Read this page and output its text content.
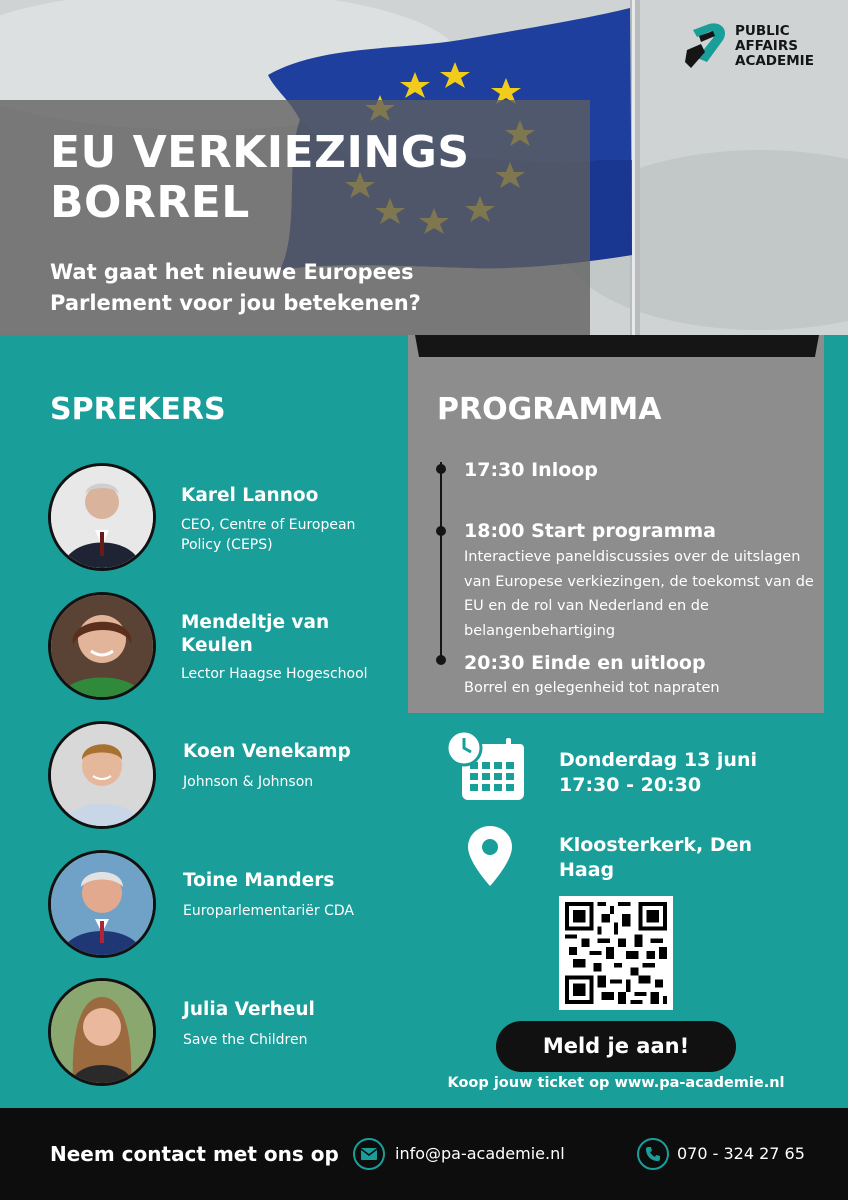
EU VERKIEZINGS
BORREL
Wat gaat het nieuwe Europees Parlement voor jou betekenen?
PUBLIC
AFFAIRS
ACADEMIE
SPREKERS
Karel Lannoo
CEO, Centre of European Policy (CEPS)
Mendeltje van Keulen
Lector Haagse Hogeschool
Koen Venekamp
Johnson & Johnson
Toine Manders
Europarlementariër CDA
Julia Verheul
Save the Children
PROGRAMMA
17:30 Inloop
18:00 Start programma
Interactieve paneldiscussies over de uitslagen van Europese verkiezingen, de toekomst van de EU en de rol van Nederland en de belangenbehartiging
20:30 Einde en uitloop
Borrel en gelegenheid tot napraten
Donderdag 13 juni
17:30 - 20:30
Kloosterkerk, Den Haag
Meld je aan!
Koop jouw ticket op www.pa-academie.nl
Neem contact met ons op	info@pa-academie.nl	070 - 324 27 65
